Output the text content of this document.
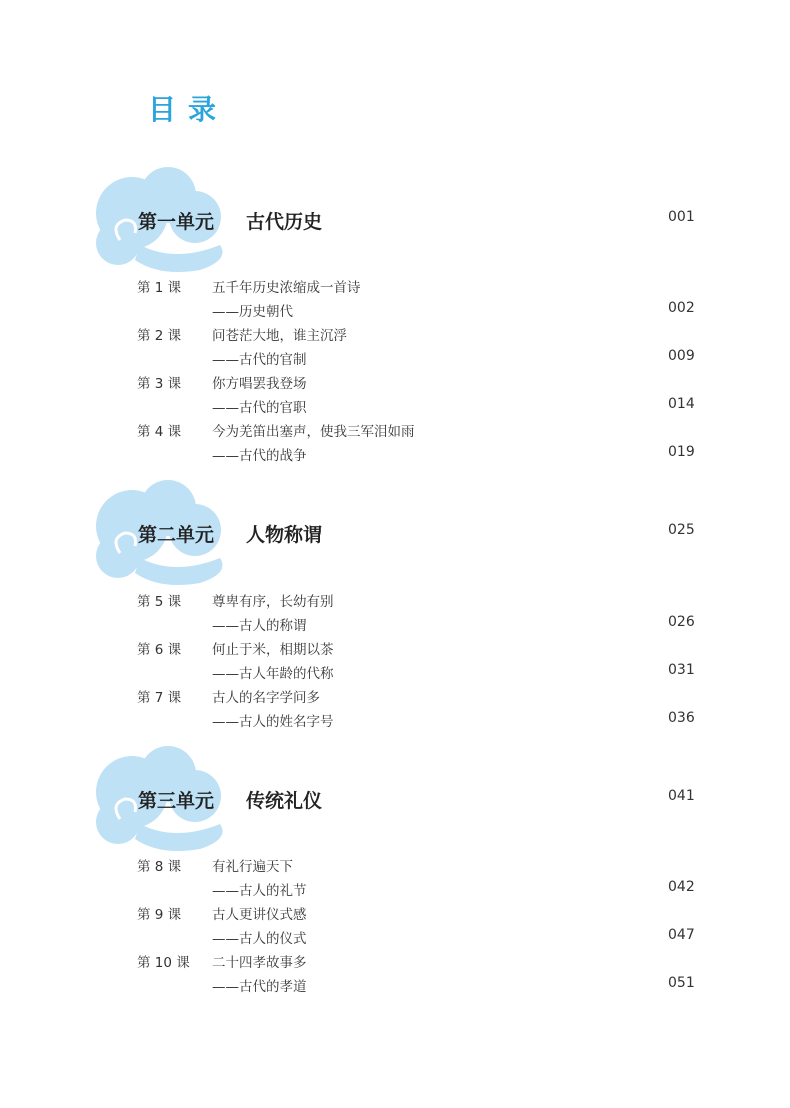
目录
第一单元 古代历史	001
第 1 课 五千年历史浓缩成一首诗
——历史朝代	002
第 2 课 问苍茫大地，谁主沉浮
——古代的官制	009
第 3 课 你方唱罢我登场
——古代的官职	014
第 4 课 今为羌笛出塞声，使我三军泪如雨
——古代的战争	019
第二单元 人物称谓	025
第 5 课 尊卑有序，长幼有别
——古人的称谓	026
第 6 课 何止于米，相期以茶
——古人年龄的代称	031
第 7 课 古人的名字学问多
——古人的姓名字号	036
第三单元 传统礼仪	041
第 8 课 有礼行遍天下
——古人的礼节	042
第 9 课 古人更讲仪式感
——古人的仪式	047
第 10 课 二十四孝故事多
——古代的孝道	051
